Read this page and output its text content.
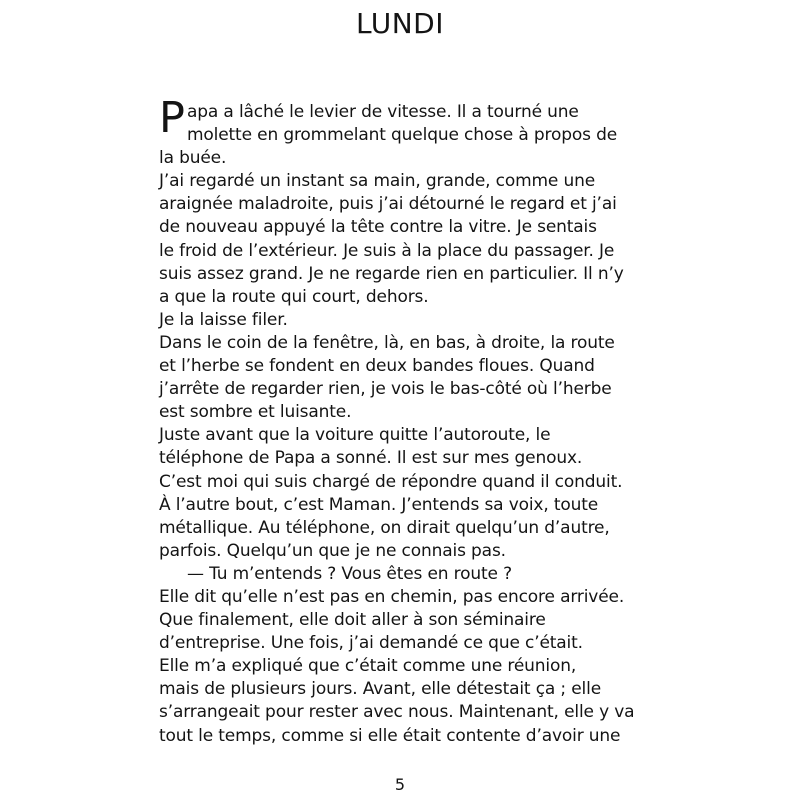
LUNDI
P apa a lâché le levier de vitesse. Il a tourné une
molette en grommelant quelque chose à propos de
la buée.
J’ai regardé un instant sa main, grande, comme une
araignée maladroite, puis j’ai détourné le regard et j’ai
de nouveau appuyé la tête contre la vitre. Je sentais
le froid de l’extérieur. Je suis à la place du passager. Je
suis assez grand. Je ne regarde rien en particulier. Il n’y
a que la route qui court, dehors.
Je la laisse filer.
Dans le coin de la fenêtre, là, en bas, à droite, la route
et l’herbe se fondent en deux bandes floues. Quand
j’arrête de regarder rien, je vois le bas-côté où l’herbe
est sombre et luisante.
Juste avant que la voiture quitte l’autoroute, le
téléphone de Papa a sonné. Il est sur mes genoux.
C’est moi qui suis chargé de répondre quand il conduit.
À l’autre bout, c’est Maman. J’entends sa voix, toute
métallique. Au téléphone, on dirait quelqu’un d’autre,
parfois. Quelqu’un que je ne connais pas.
— Tu m’entends ? Vous êtes en route ?
Elle dit qu’elle n’est pas en chemin, pas encore arrivée.
Que finalement, elle doit aller à son séminaire
d’entreprise. Une fois, j’ai demandé ce que c’était.
Elle m’a expliqué que c’était comme une réunion,
mais de plusieurs jours. Avant, elle détestait ça ; elle
s’arrangeait pour rester avec nous. Maintenant, elle y va
tout le temps, comme si elle était contente d’avoir une
5
